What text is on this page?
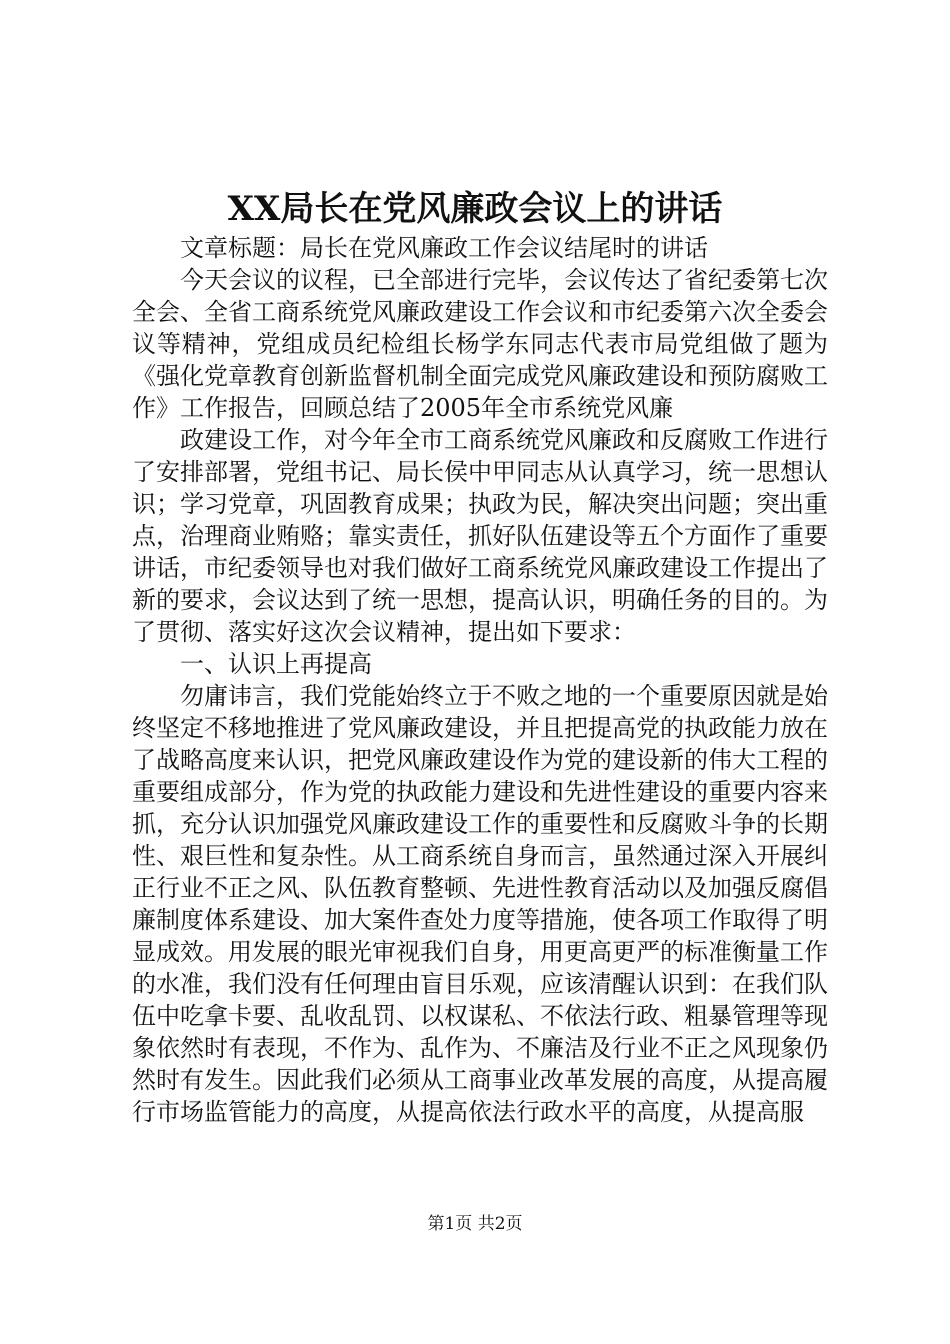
XX局长在党风廉政会议上的讲话

文章标题：局长在党风廉政工作会议结尾时的讲话

今天会议的议程，已全部进行完毕，会议传达了省纪委第七次全会、全省工商系统党风廉政建设工作会议和市纪委第六次全委会议等精神，党组成员纪检组长杨学东同志代表市局党组做了题为《强化党章教育创新监督机制全面完成党风廉政建设和预防腐败工作》工作报告，回顾总结了2005年全市系统党风廉

政建设工作，对今年全市工商系统党风廉政和反腐败工作进行了安排部署，党组书记、局长侯中甲同志从认真学习，统一思想认识；学习党章，巩固教育成果；执政为民，解决突出问题；突出重点，治理商业贿赂；靠实责任，抓好队伍建设等五个方面作了重要讲话，市纪委领导也对我们做好工商系统党风廉政建设工作提出了新的要求，会议达到了统一思想，提高认识，明确任务的目的。为了贯彻、落实好这次会议精神，提出如下要求：

一、认识上再提高

勿庸讳言，我们党能始终立于不败之地的一个重要原因就是始终坚定不移地推进了党风廉政建设，并且把提高党的执政能力放在了战略高度来认识，把党风廉政建设作为党的建设新的伟大工程的重要组成部分，作为党的执政能力建设和先进性建设的重要内容来抓，充分认识加强党风廉政建设工作的重要性和反腐败斗争的长期性、艰巨性和复杂性。从工商系统自身而言，虽然通过深入开展纠正行业不正之风、队伍教育整顿、先进性教育活动以及加强反腐倡廉制度体系建设、加大案件查处力度等措施，使各项工作取得了明显成效。用发展的眼光审视我们自身，用更高更严的标准衡量工作的水准，我们没有任何理由盲目乐观，应该清醒认识到：在我们队伍中吃拿卡要、乱收乱罚、以权谋私、不依法行政、粗暴管理等现象依然时有表现，不作为、乱作为、不廉洁及行业不正之风现象仍然时有发生。因此我们必须从工商事业改革发展的高度，从提高履行市场监管能力的高度，从提高依法行政水平的高度，从提高服

第1页 共2页
